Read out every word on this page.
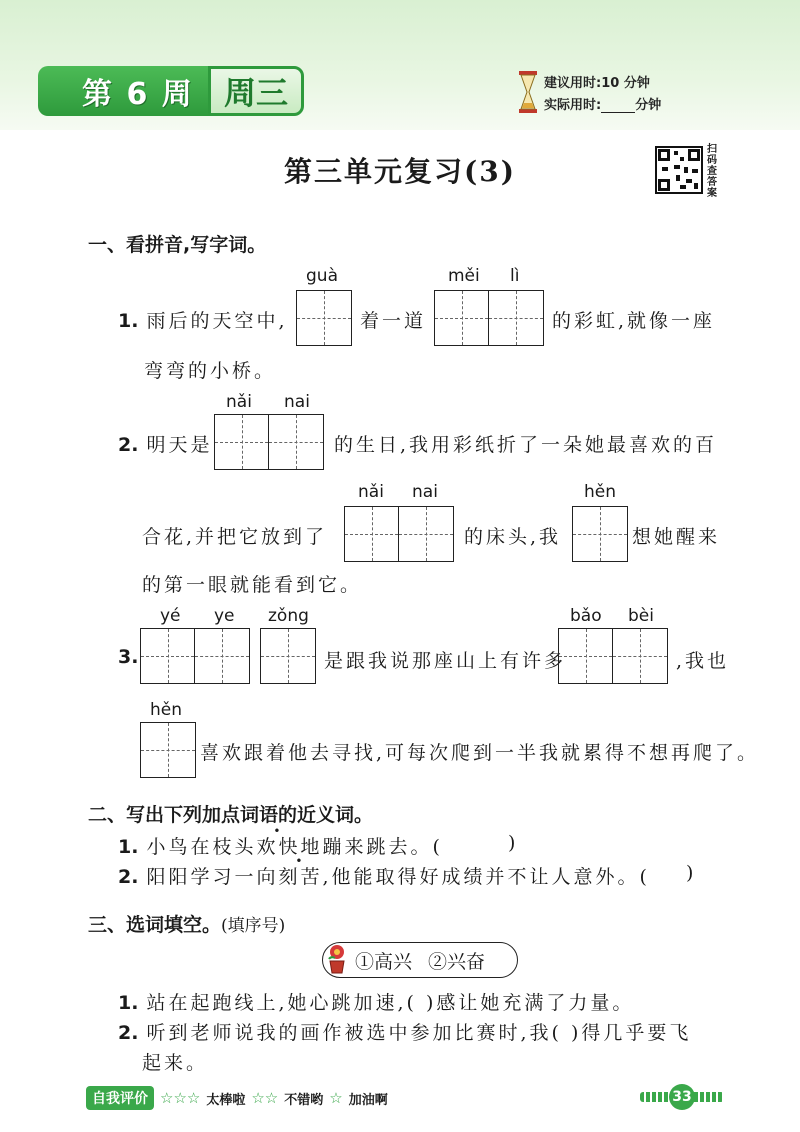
第 6 周 周三	建议用时:10 分钟
实际用时:	分钟
扫码查答案
第三单元复习(3)
一、看拼音,写字词。
guà	měi lì
1. 雨后的天空中,	着一道	的彩虹,就像一座
弯弯的小桥。
nǎi nai
2. 明天是	的生日,我用彩纸折了一朵她最喜欢的百
nǎi nai	hěn
合花,并把它放到了	的床头,我	想她醒来
的第一眼就能看到它。
yé ye zǒng	bǎo bèi
3.	是跟我说那座山上有许多	,我也
hěn
喜欢跟着他去寻找,可每次爬到一半我就累得不想再爬了。
二、写出下列加点词语的近义词。
1. 小鸟在枝头欢快地蹦来跳去。(	)
2. 阳阳学习一向刻苦,他能取得好成绩并不让人意外。( )
三、选词填空。(填序号)
①高兴 ②兴奋
1. 站在起跑线上,她心跳加速,( )感让她充满了力量。
2. 听到老师说我的画作被选中参加比赛时,我( )得几乎要飞
起来。
自我评价 ☆☆☆ 太棒啦 ☆☆ 不错哟 ☆ 加油啊	33
